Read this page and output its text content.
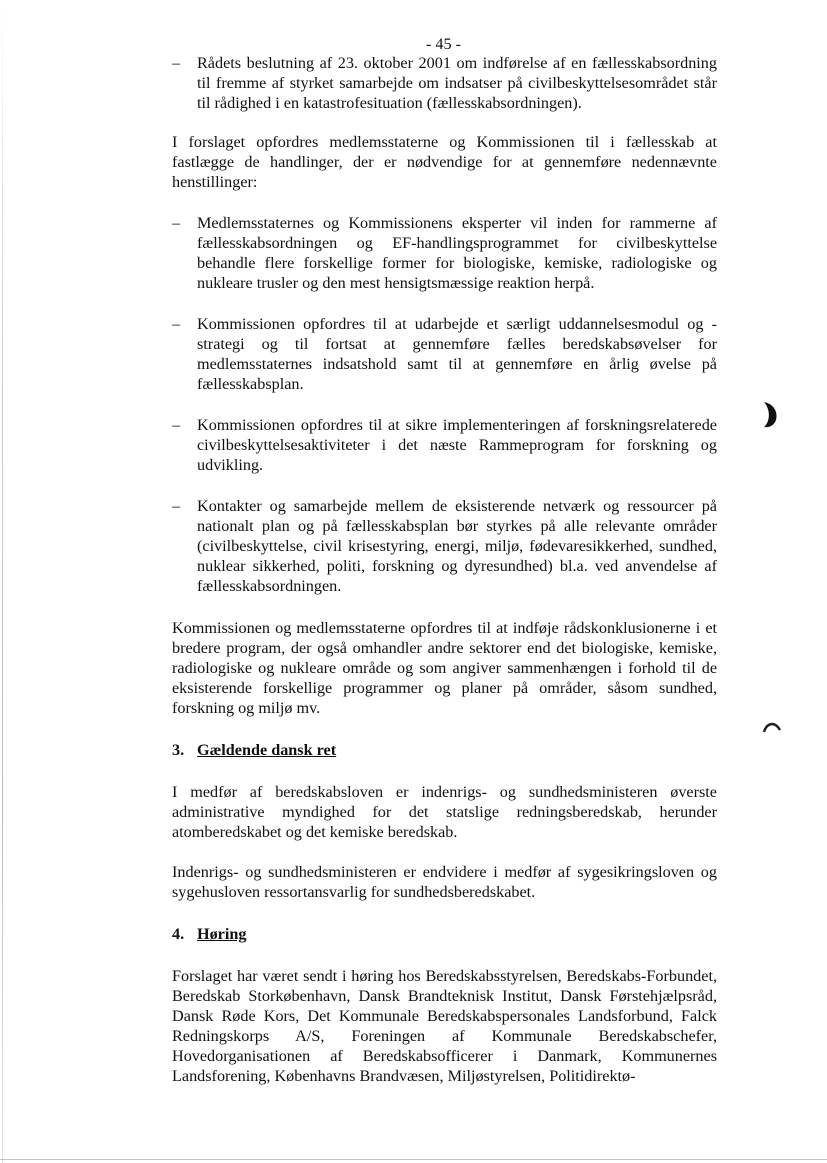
- 45 -
– Rådets beslutning af 23. oktober 2001 om indførelse af en fællesskabsordning til fremme af styrket samarbejde om indsatser på civilbeskyttelsesområdet står til rådighed i en katastrofesituation (fællesskabsordningen).
I forslaget opfordres medlemsstaterne og Kommissionen til i fællesskab at fastlægge de handlinger, der er nødvendige for at gennemføre nedennævnte henstillinger:
– Medlemsstaternes og Kommissionens eksperter vil inden for rammerne af fællesskabsordningen og EF-handlingsprogrammet for civilbeskyttelse behandle flere forskellige former for biologiske, kemiske, radiologiske og nukleare trusler og den mest hensigtsmæssige reaktion herpå.
– Kommissionen opfordres til at udarbejde et særligt uddannelsesmodul og -strategi og til fortsat at gennemføre fælles beredskabsøvelser for medlemsstaternes indsatshold samt til at gennemføre en årlig øvelse på fællesskabsplan.
– Kommissionen opfordres til at sikre implementeringen af forskningsrelaterede civilbeskyttelsesaktiviteter i det næste Rammeprogram for forskning og udvikling.
– Kontakter og samarbejde mellem de eksisterende netværk og ressourcer på nationalt plan og på fællesskabsplan bør styrkes på alle relevante områder (civilbeskyttelse, civil krisestyring, energi, miljø, fødevaresikkerhed, sundhed, nuklear sikkerhed, politi, forskning og dyresundhed) bl.a. ved anvendelse af fællesskabsordningen.
Kommissionen og medlemsstaterne opfordres til at indføje rådskonklusionerne i et bredere program, der også omhandler andre sektorer end det biologiske, kemiske, radiologiske og nukleare område og som angiver sammenhængen i forhold til de eksisterende forskellige programmer og planer på områder, såsom sundhed, forskning og miljø mv.
3. Gældende dansk ret
I medfør af beredskabsloven er indenrigs- og sundhedsministeren øverste administrative myndighed for det statslige redningsberedskab, herunder atomberedskabet og det kemiske beredskab.
Indenrigs- og sundhedsministeren er endvidere i medfør af sygesikringsloven og sygehusloven ressortansvarlig for sundhedsberedskabet.
4. Høring
Forslaget har været sendt i høring hos Beredskabsstyrelsen, Beredskabs-Forbundet, Beredskab Storkøbenhavn, Dansk Brandteknisk Institut, Dansk Førstehjælpsråd, Dansk Røde Kors, Det Kommunale Beredskabspersonales Landsforbund, Falck Redningskorps A/S, Foreningen af Kommunale Beredskabschefer, Hovedorganisationen af Beredskabsofficerer i Danmark, Kommunernes Landsforening, Københavns Brandvæsen, Miljøstyrelsen, Politidirektø-
